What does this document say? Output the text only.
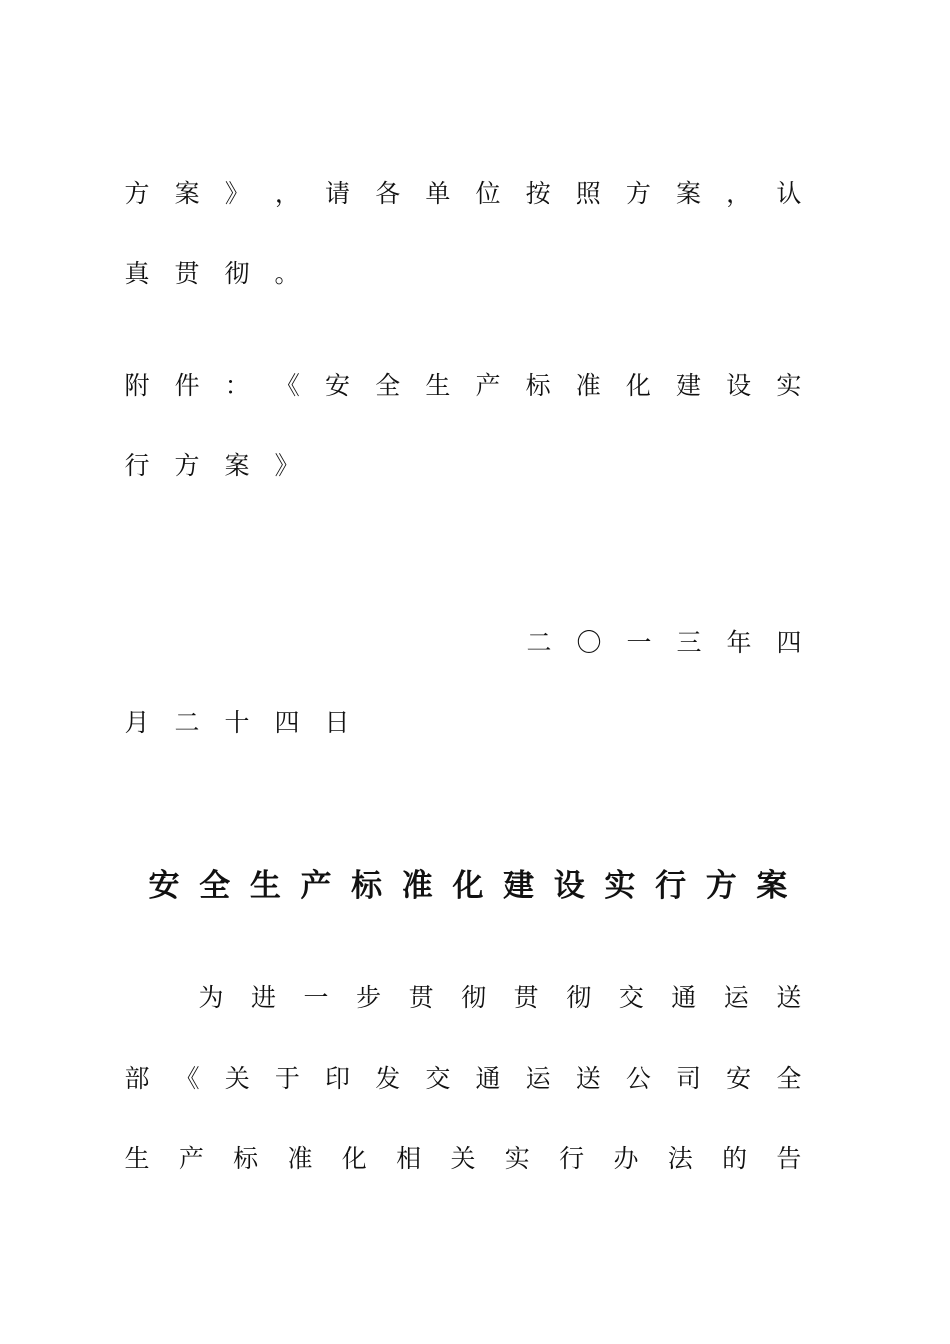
方 案 》 ， 请 各 单 位 按 照 方 案 ， 认
真 贯 彻 。
附 件 ： 《 安 全 生 产 标 准 化 建 设 实
行 方 案 》
二 〇 一 三 年 四
月 二 十 四 日
安 全 生 产 标 准 化 建 设 实 行 方 案
为 进 一 步 贯 彻 贯 彻 交 通 运 送
部 《 关 于 印 发 交 通 运 送 公 司 安 全
生 产 标 准 化 相 关 实 行 办 法 的 告
